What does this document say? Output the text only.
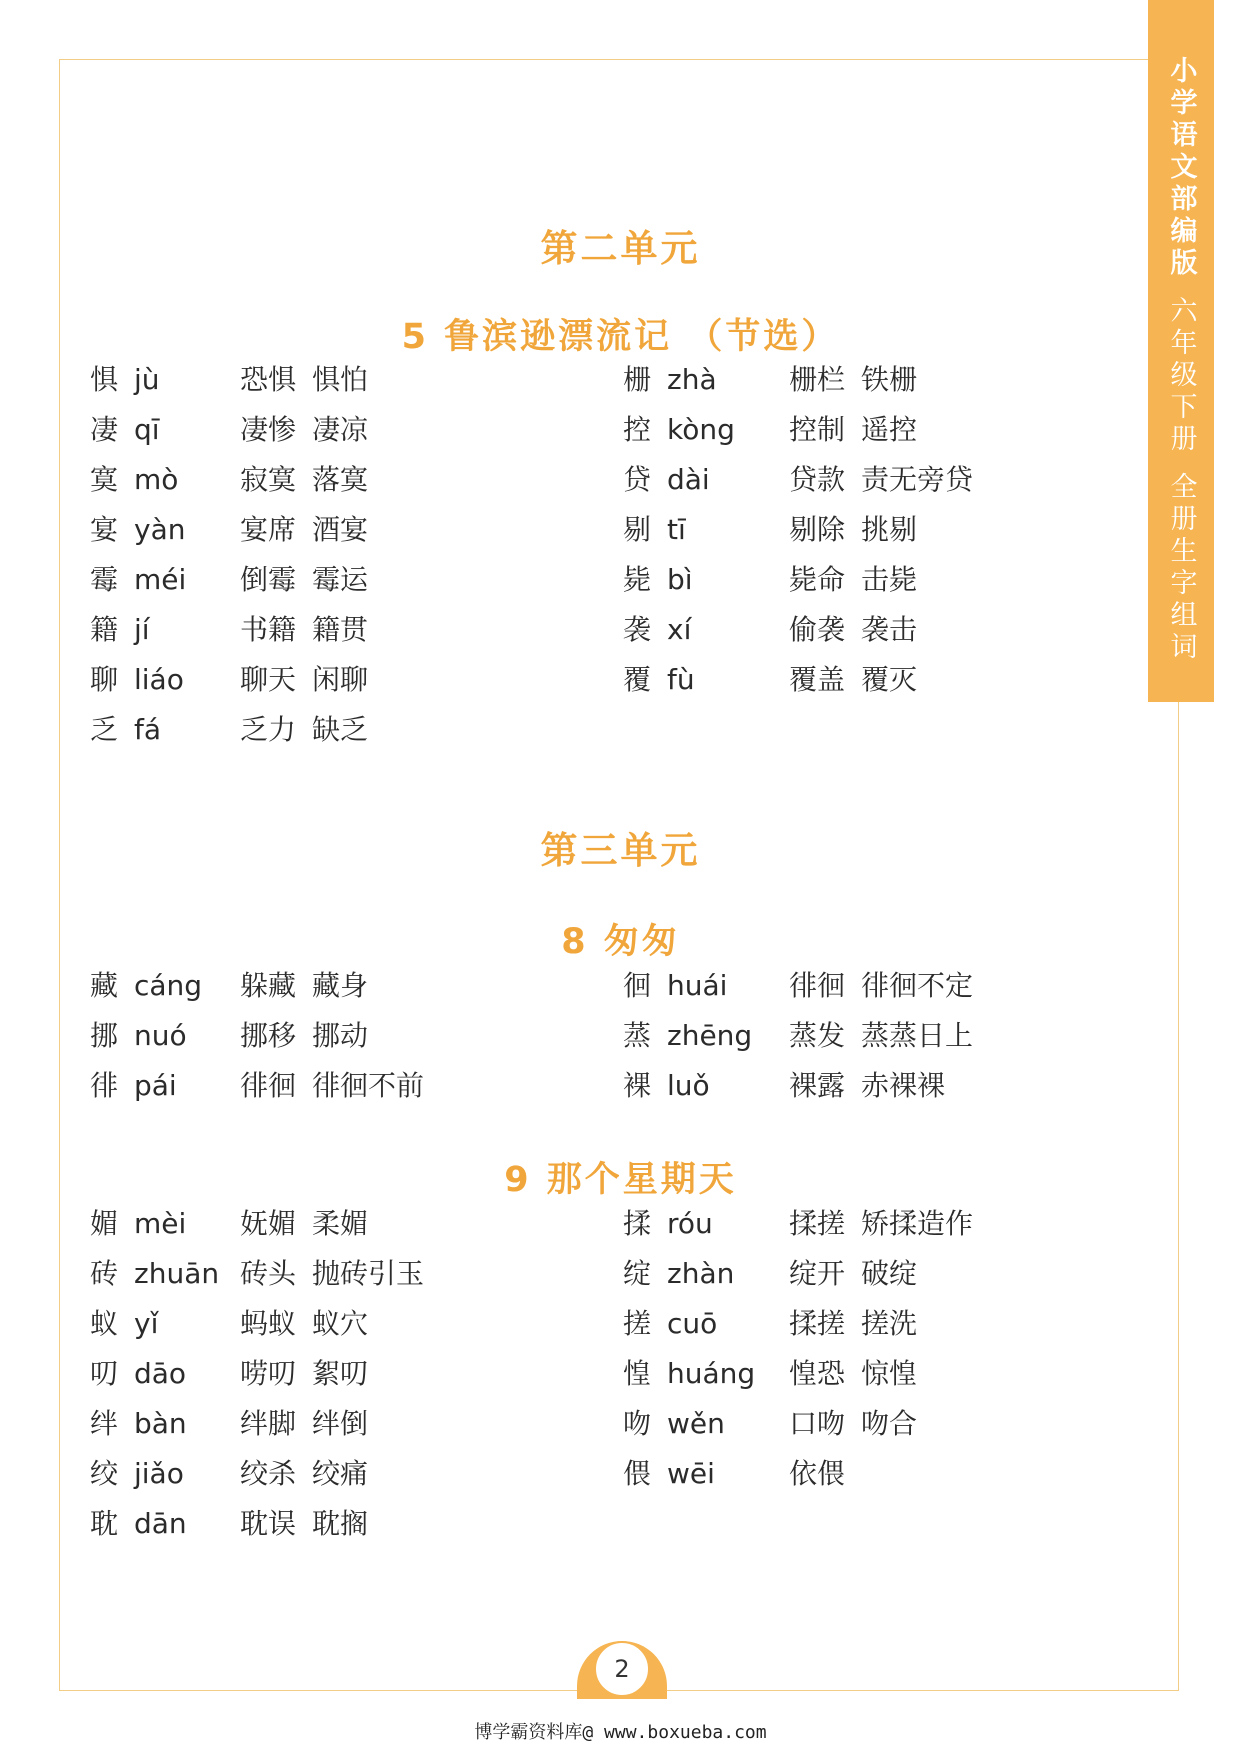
小学语文部编版
六年级下册
全册生字组词
第二单元
5 鲁滨逊漂流记 （节选）
第三单元
8 匆匆
9 那个星期天
惧 jù	恐惧 惧怕
凄 qī	凄惨 凄凉
寞 mò 寂寞 落寞
宴 yàn 宴席 酒宴
霉 méi 倒霉 霉运
籍 jí	书籍 籍贯
聊 liáo 聊天 闲聊
乏 fá	乏力 缺乏
栅 zhà	栅栏 铁栅
控 kòng 控制 遥控
贷 dài	贷款 责无旁贷
剔 tī	剔除 挑剔
毙 bì	毙命 击毙
袭 xí	偷袭 袭击
覆 fù	覆盖 覆灭
藏 cáng 躲藏 藏身
挪 nuó 挪移 挪动
徘 pái 徘徊 徘徊不前
徊 huái 徘徊 徘徊不定
蒸 zhēng 蒸发 蒸蒸日上
裸 luǒ	裸露 赤裸裸
媚 mèi 妩媚 柔媚
砖 zhuān 砖头 抛砖引玉
蚁 yǐ	蚂蚁 蚁穴
叨 dāo 唠叨 絮叨
绊 bàn 绊脚 绊倒
绞 jiǎo 绞杀 绞痛
耽 dān 耽误 耽搁
揉 róu	揉搓 矫揉造作
绽 zhàn 绽开 破绽
搓 cuō	揉搓 搓洗
惶 huáng 惶恐 惊惶
吻 wěn 口吻 吻合
偎 wēi	依偎
2
博学霸资料库@ www.boxueba.com
